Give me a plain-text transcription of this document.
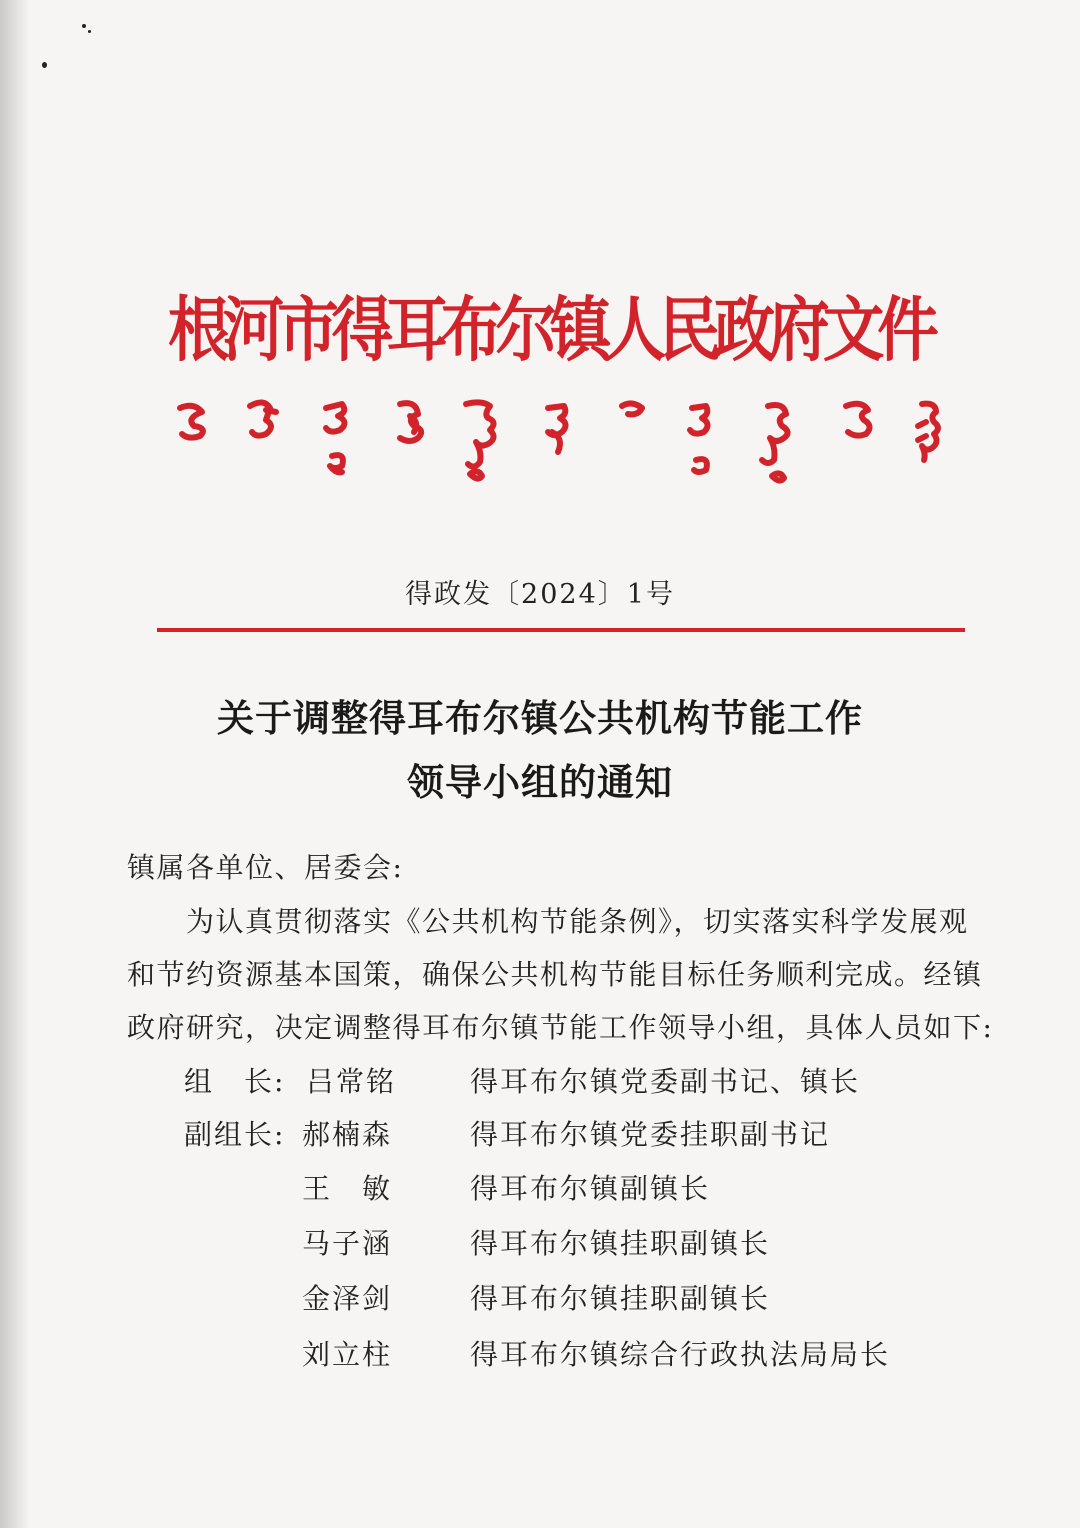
根河市得耳布尔镇人民政府文件
得政发〔2024〕1号
关于调整得耳布尔镇公共机构节能工作
领导小组的通知
镇属各单位、居委会:
为认真贯彻落实《公共机构节能条例》，切实落实科学发展观
和节约资源基本国策，确保公共机构节能目标任务顺利完成。经镇
政府研究，决定调整得耳布尔镇节能工作领导小组，具体人员如下:
组　长: 吕常铭	得耳布尔镇党委副书记、镇长
副组长: 郝楠森	得耳布尔镇党委挂职副书记
王　敏	得耳布尔镇副镇长
马子涵	得耳布尔镇挂职副镇长
金泽剑	得耳布尔镇挂职副镇长
刘立柱	得耳布尔镇综合行政执法局局长
